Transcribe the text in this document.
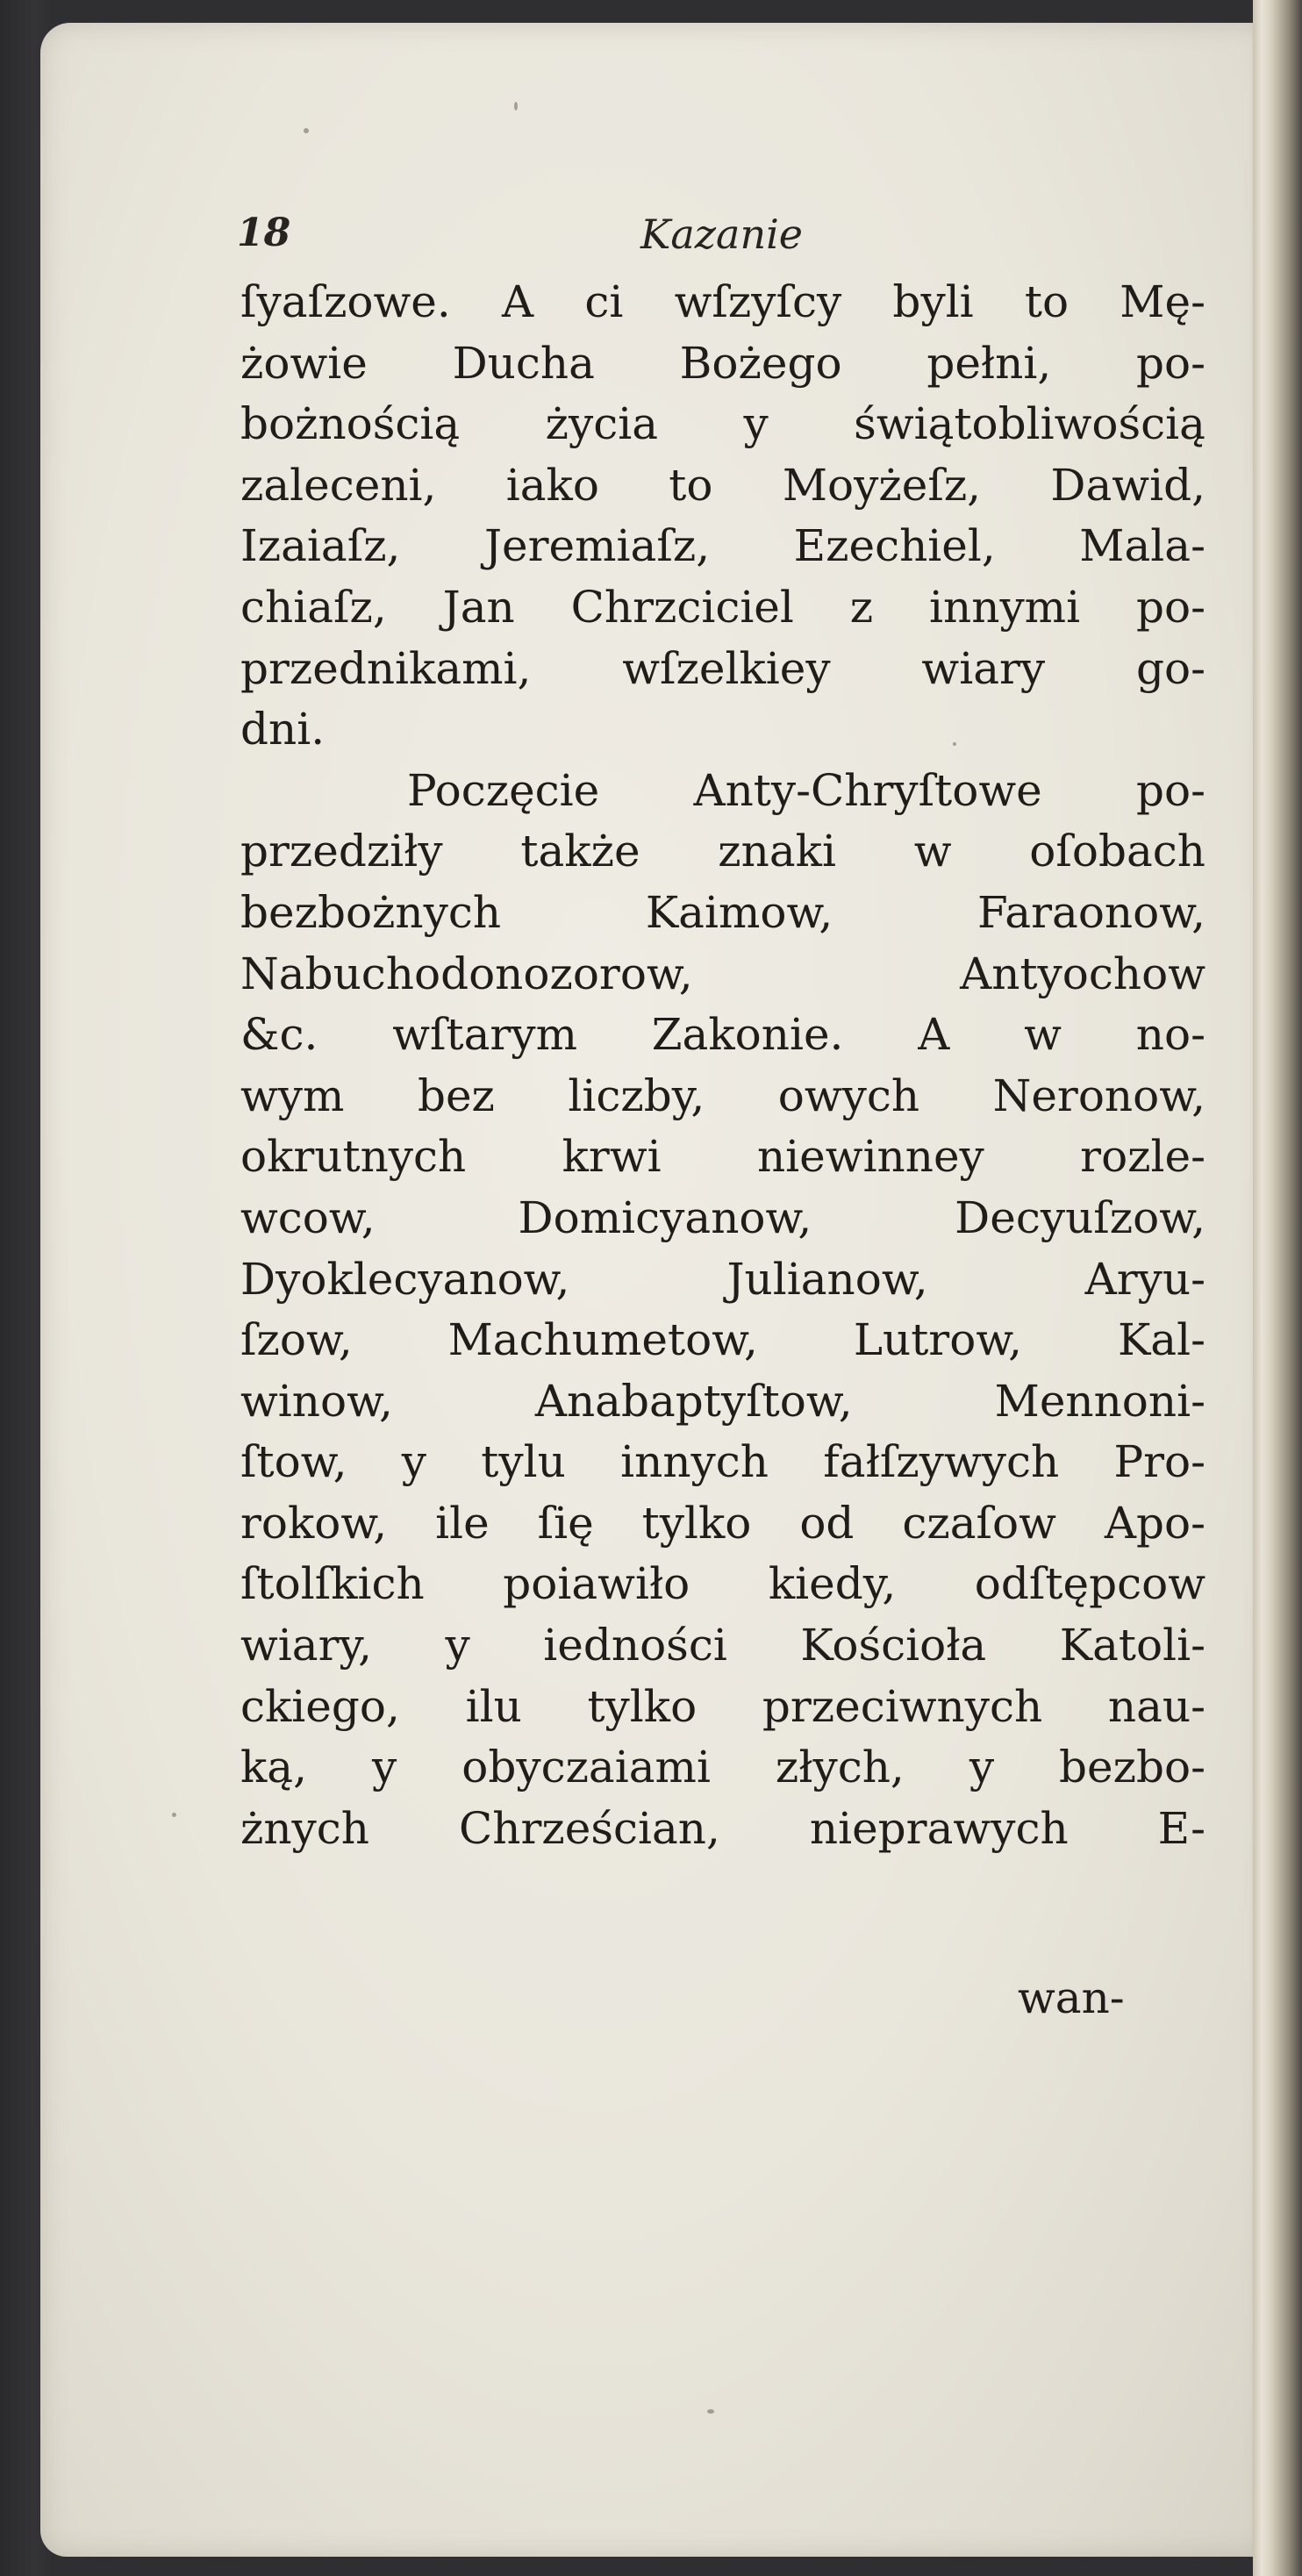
18	Kazanie
ſyaſzowe. A ci wſzyſcy byli to Mę-
żowie Ducha Bożego pełni, po-
bożnością życia y świątobliwością
zaleceni, iako to Moyżeſz, Dawid,
Izaiaſz, Jeremiaſz, Ezechiel, Mala-
chiaſz, Jan Chrzciciel z innymi po-
przednikami, wſzelkiey wiary go-
dni.
Poczęcie Anty-Chryſtowe po-
przedziły także znaki w oſobach
bezbożnych Kaimow, Faraonow,
Nabuchodonozorow, Antyochow
&c. wſtarym Zakonie. A w no-
wym bez liczby, owych Neronow,
okrutnych krwi niewinney rozle-
wcow, Domicyanow, Decyuſzow,
Dyoklecyanow, Julianow, Aryu-
ſzow, Machumetow, Lutrow, Kal-
winow, Anabaptyſtow, Mennoni-
ſtow, y tylu innych fałſzywych Pro-
rokow, ile ſię tylko od czaſow Apo-
ſtolſkich poiawiło kiedy, odſtępcow
wiary, y iedności Kościoła Katoli-
ckiego, ilu tylko przeciwnych nau-
ką, y obyczaiami złych, y bezbo-
żnych Chrześcian, nieprawych E-
wan-
